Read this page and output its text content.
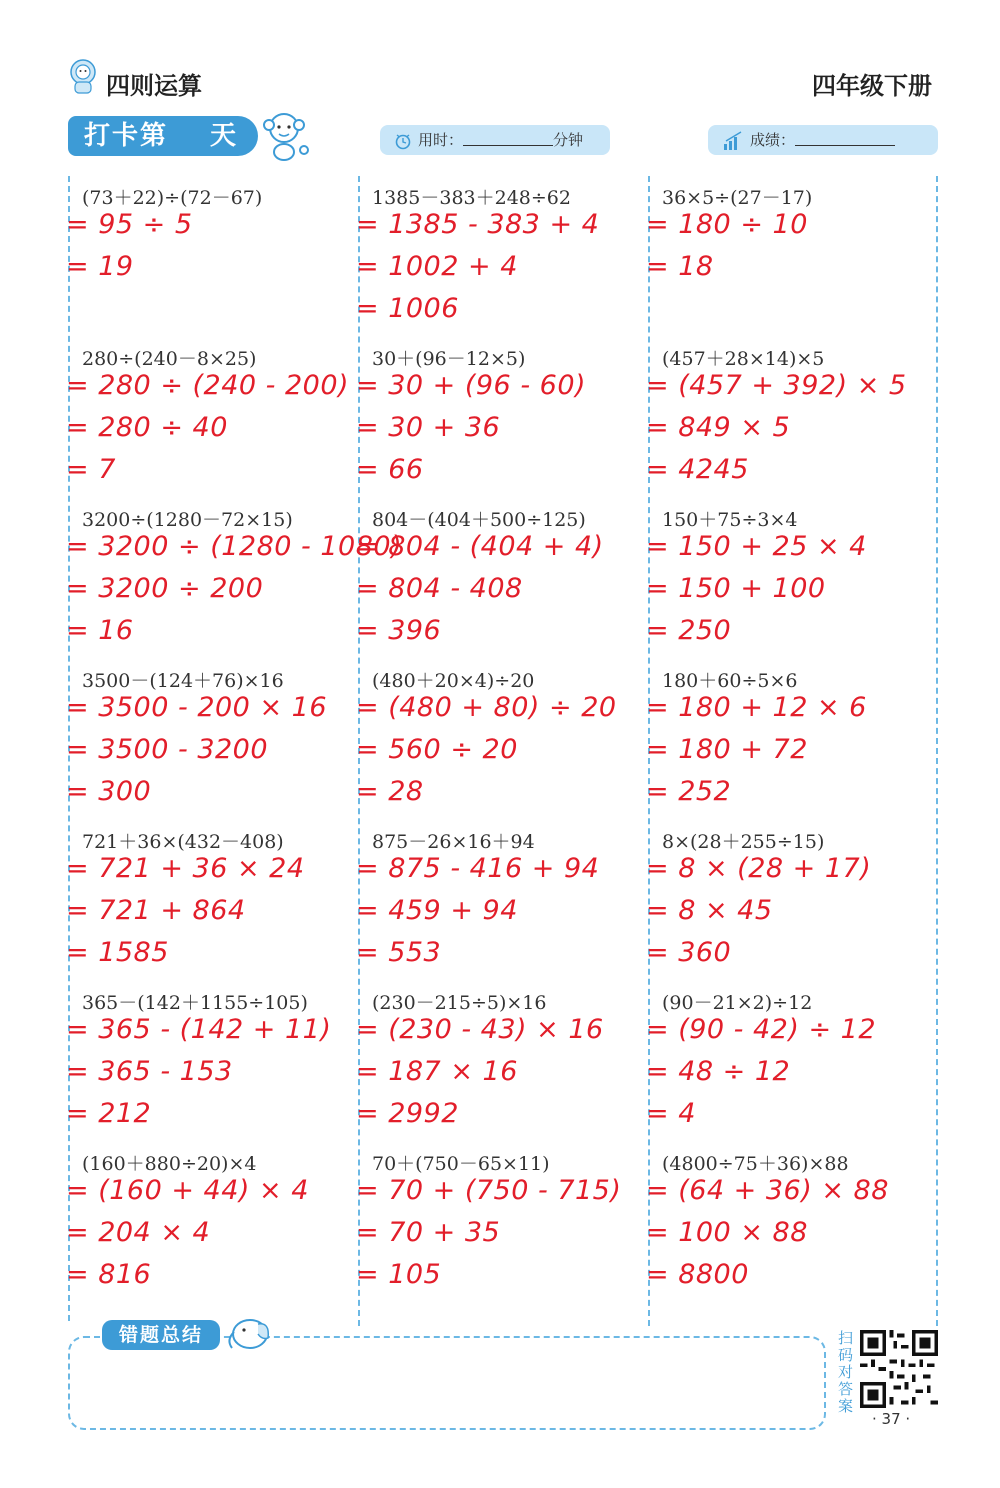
四则运算	四年级下册
打卡第 天	用时：	分钟	成绩：
(73＋22)÷(72－67)
= 95 ÷ 5
= 19
1385－383＋248÷62
= 1385 - 383 + 4
= 1002 + 4
= 1006
36×5÷(27－17)
= 180 ÷ 10
= 18
280÷(240－8×25)
= 280 ÷ (240 - 200)
= 280 ÷ 40
= 7
30＋(96－12×5)
= 30 + (96 - 60)
= 30 + 36
= 66
(457＋28×14)×5
= (457 + 392) × 5
= 849 × 5
= 4245
3200÷(1280－72×15)
= 3200 ÷ (1280 - 1080)
= 3200 ÷ 200
= 16
804－(404＋500÷125)
= 804 - (404 + 4)
= 804 - 408
= 396
150＋75÷3×4
= 150 + 25 × 4
= 150 + 100
= 250
3500－(124＋76)×16
= 3500 - 200 × 16
= 3500 - 3200
= 300
(480＋20×4)÷20
= (480 + 80) ÷ 20
= 560 ÷ 20
= 28
180＋60÷5×6
= 180 + 12 × 6
= 180 + 72
= 252
721＋36×(432－408)
= 721 + 36 × 24
= 721 + 864
= 1585
875－26×16＋94
= 875 - 416 + 94
= 459 + 94
= 553
8×(28＋255÷15)
= 8 × (28 + 17)
= 8 × 45
= 360
365－(142＋1155÷105)
= 365 - (142 + 11)
= 365 - 153
= 212
(230－215÷5)×16
= (230 - 43) × 16
= 187 × 16
= 2992
(90－21×2)÷12
= (90 - 42) ÷ 12
= 48 ÷ 12
= 4
(160＋880÷20)×4
= (160 + 44) × 4
= 204 × 4
= 816
70＋(750－65×11)
= 70 + (750 - 715)
= 70 + 35
= 105
(4800÷75＋36)×88
= (64 + 36) × 88
= 100 × 88
= 8800
错题总结	扫码对答案
· 37 ·
